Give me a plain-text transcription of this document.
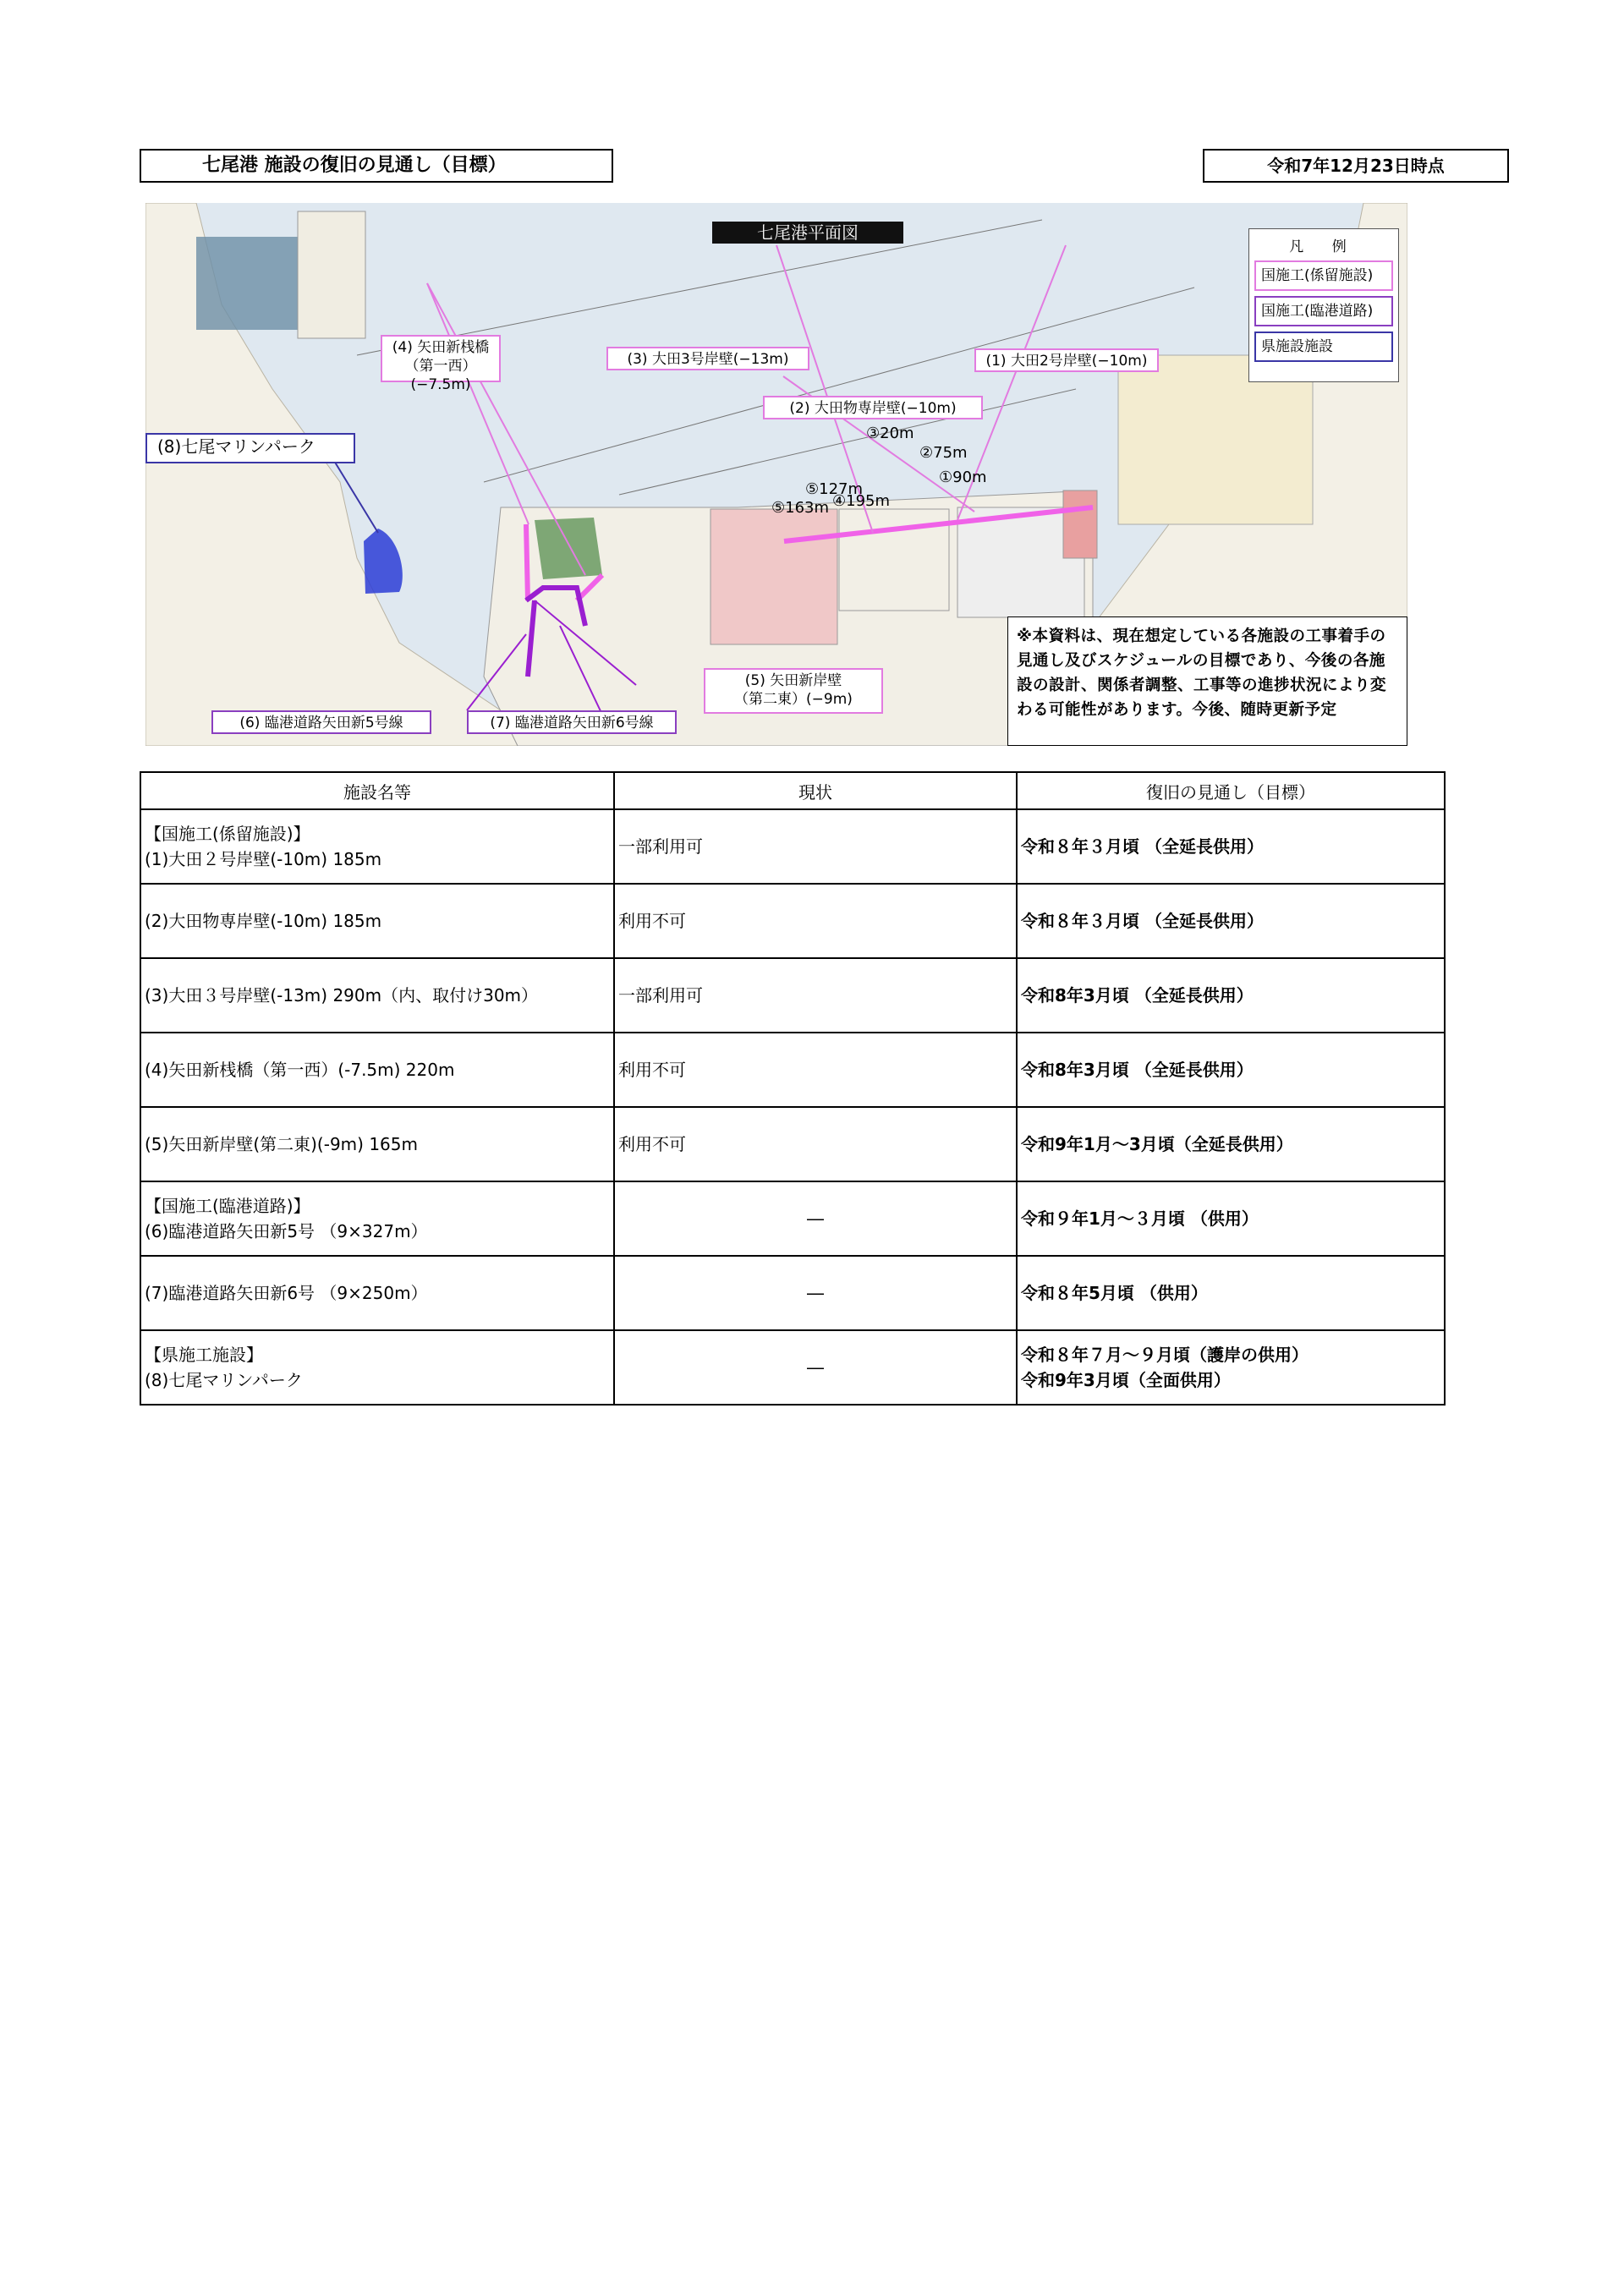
七尾港 施設の復旧の見通し（目標）	令和7年12月23日時点
七尾港平面図
(4) 矢田新桟橋
（第一西）(−7.5m)
(3) 大田3号岸壁(−13m)	(1) 大田2号岸壁(−10m)
(2) 大田物専岸壁(−10m)
(8)七尾マリンパーク
(5) 矢田新岸壁
（第二東）(−9m)
(6) 臨港道路矢田新5号線	(7) 臨港道路矢田新6号線
③20m
②75m
①90m
⑤127m
⑤163m ④195m
凡 例
国施工(係留施設)
国施工(臨港道路)
県施設施設
※本資料は、現在想定している各施設の工事着手の見通し及びスケジュールの目標であり、今後の各施設の設計、関係者調整、工事等の進捗状況により変わる可能性があります。今後、随時更新予定
施設名等	現状	復旧の見通し（目標）
【国施工(係留施設)】
(1)大田２号岸壁(-10m) 185m	一部利用可	令和８年３月頃 （全延長供用）
(2)大田物専岸壁(-10m) 185m	利用不可	令和８年３月頃 （全延長供用）
(3)大田３号岸壁(-13m) 290m（内、取付け30m）	一部利用可	令和8年3月頃 （全延長供用）
(4)矢田新桟橋（第一西）(-7.5m) 220m	利用不可	令和8年3月頃 （全延長供用）
(5)矢田新岸壁(第二東)(-9m) 165m	利用不可	令和9年1月～3月頃（全延長供用）
【国施工(臨港道路)】
(6)臨港道路矢田新5号 （9×327m）	―	令和９年1月～３月頃 （供用）
(7)臨港道路矢田新6号 （9×250m）	―	令和８年5月頃 （供用）
【県施工施設】
(8)七尾マリンパーク	―	令和８年７月～９月頃（護岸の供用）
令和9年3月頃（全面供用）
